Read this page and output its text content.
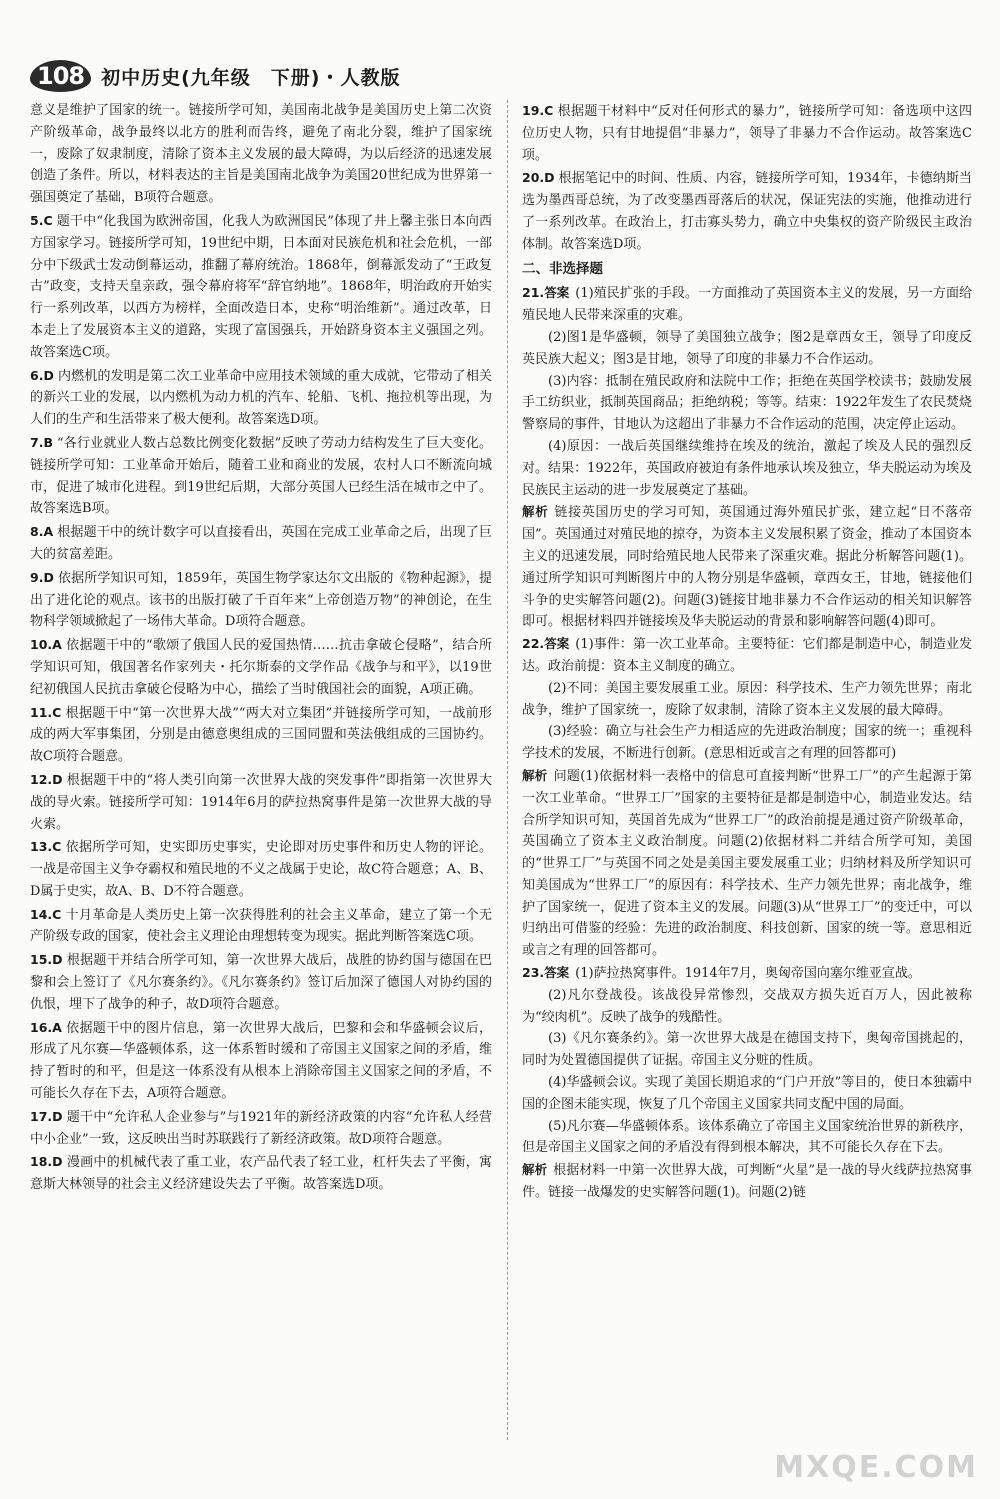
108 初中历史(九年级　下册)・人教版

意义是维护了国家的统一。链接所学可知，美国南北战争是美国历史上第二次资产阶级革命，战争最终以北方的胜利而告终，避免了南北分裂，维护了国家统一，废除了奴隶制度，清除了资本主义发展的最大障碍，为以后经济的迅速发展创造了条件。所以，材料表达的主旨是美国南北战争为美国20世纪成为世界第一强国奠定了基础，B项符合题意。

5.C 题干中“化我国为欧洲帝国，化我人为欧洲国民”体现了井上馨主张日本向西方国家学习。链接所学可知，19世纪中期，日本面对民族危机和社会危机，一部分中下级武士发动倒幕运动，推翻了幕府统治。1868年，倒幕派发动了“王政复古”政变，支持天皇亲政，强令幕府将军“辞官纳地”。1868年，明治政府开始实行一系列改革，以西方为榜样，全面改造日本，史称“明治维新”。通过改革，日本走上了发展资本主义的道路，实现了富国强兵，开始跻身资本主义强国之列。故答案选C项。

6.D 内燃机的发明是第二次工业革命中应用技术领域的重大成就，它带动了相关的新兴工业的发展，以内燃机为动力机的汽车、轮船、飞机、拖拉机等出现，为人们的生产和生活带来了极大便利。故答案选D项。

7.B “各行业就业人数占总数比例变化数据”反映了劳动力结构发生了巨大变化。链接所学可知：工业革命开始后，随着工业和商业的发展，农村人口不断流向城市，促进了城市化进程。到19世纪后期，大部分英国人已经生活在城市之中了。故答案选B项。

8.A 根据题干中的统计数字可以直接看出，英国在完成工业革命之后，出现了巨大的贫富差距。

9.D 依据所学知识可知，1859年，英国生物学家达尔文出版的《物种起源》，提出了进化论的观点。该书的出版打破了千百年来“上帝创造万物”的神创论，在生物科学领域掀起了一场伟大革命。D项符合题意。

10.A 依据题干中的“歌颂了俄国人民的爱国热情……抗击拿破仑侵略”，结合所学知识可知，俄国著名作家列夫・托尔斯泰的文学作品《战争与和平》，以19世纪初俄国人民抗击拿破仑侵略为中心，描绘了当时俄国社会的面貌，A项正确。

11.C 根据题干中“第一次世界大战”“两大对立集团”并链接所学可知，一战前形成的两大军事集团，分别是由德意奥组成的三国同盟和英法俄组成的三国协约。故C项符合题意。

12.D 根据题干中的“将人类引向第一次世界大战的突发事件”即指第一次世界大战的导火索。链接所学可知：1914年6月的萨拉热窝事件是第一次世界大战的导火索。

13.C 依据所学可知，史实即历史事实，史论即对历史事件和历史人物的评论。一战是帝国主义争夺霸权和殖民地的不义之战属于史论，故C符合题意；A、B、D属于史实，故A、B、D不符合题意。

14.C 十月革命是人类历史上第一次获得胜利的社会主义革命，建立了第一个无产阶级专政的国家，使社会主义理论由理想转变为现实。据此判断答案选C项。

15.D 根据题干并结合所学可知，第一次世界大战后，战胜的协约国与德国在巴黎和会上签订了《凡尔赛条约》。《凡尔赛条约》签订后加深了德国人对协约国的仇恨，埋下了战争的种子，故D项符合题意。

16.A 依据题干中的图片信息，第一次世界大战后，巴黎和会和华盛顿会议后，形成了凡尔赛—华盛顿体系，这一体系暂时缓和了帝国主义国家之间的矛盾，维持了暂时的和平，但是这一体系没有从根本上消除帝国主义国家之间的矛盾，不可能长久存在下去，A项符合题意。

17.D 题干中“允许私人企业参与”与1921年的新经济政策的内容“允许私人经营中小企业”一致，这反映出当时苏联践行了新经济政策。故D项符合题意。

18.D 漫画中的机械代表了重工业，农产品代表了轻工业，杠杆失去了平衡，寓意斯大林领导的社会主义经济建设失去了平衡。故答案选D项。

19.C 根据题干材料中“反对任何形式的暴力”，链接所学可知：备选项中这四位历史人物，只有甘地提倡“非暴力”，领导了非暴力不合作运动。故答案选C项。

20.D 根据笔记中的时间、性质、内容，链接所学可知，1934年，卡德纳斯当选为墨西哥总统，为了改变墨西哥落后的状况，保证宪法的实施，他推动进行了一系列改革。在政治上，打击寡头势力，确立中央集权的资产阶级民主政治体制。故答案选D项。

二、非选择题

21.答案 (1)殖民扩张的手段。一方面推动了英国资本主义的发展，另一方面给殖民地人民带来深重的灾难。

(2)图1是华盛顿，领导了美国独立战争；图2是章西女王，领导了印度反英民族大起义；图3是甘地，领导了印度的非暴力不合作运动。

(3)内容：抵制在殖民政府和法院中工作；拒绝在英国学校读书；鼓励发展手工纺织业，抵制英国商品；拒绝纳税；等等。结束：1922年发生了农民焚烧警察局的事件，甘地认为这超出了非暴力不合作运动的范围，决定停止运动。

(4)原因：一战后英国继续维持在埃及的统治，激起了埃及人民的强烈反对。结果：1922年，英国政府被迫有条件地承认埃及独立，华夫脱运动为埃及民族民主运动的进一步发展奠定了基础。

解析 链接英国历史的学习可知，英国通过海外殖民扩张，建立起“日不落帝国”。英国通过对殖民地的掠夺，为资本主义发展积累了资金，推动了本国资本主义的迅速发展，同时给殖民地人民带来了深重灾难。据此分析解答问题(1)。通过所学知识可判断图片中的人物分别是华盛顿，章西女王，甘地，链接他们斗争的史实解答问题(2)。问题(3)链接甘地非暴力不合作运动的相关知识解答即可。根据材料四并链接埃及华夫脱运动的背景和影响解答问题(4)即可。

22.答案 (1)事件：第一次工业革命。主要特征：它们都是制造中心，制造业发达。政治前提：资本主义制度的确立。

(2)不同：美国主要发展重工业。原因：科学技术、生产力领先世界；南北战争，维护了国家统一，废除了奴隶制，清除了资本主义发展的最大障碍。

(3)经验：确立与社会生产力相适应的先进政治制度；国家的统一；重视科学技术的发展，不断进行创新。(意思相近或言之有理的回答都可)

解析 问题(1)依据材料一表格中的信息可直接判断“世界工厂”的产生起源于第一次工业革命。“世界工厂”国家的主要特征是都是制造中心，制造业发达。结合所学知识可知，英国首先成为“世界工厂”的政治前提是通过资产阶级革命，英国确立了资本主义政治制度。问题(2)依据材料二并结合所学可知，美国的“世界工厂”与英国不同之处是美国主要发展重工业；归纳材料及所学知识可知美国成为“世界工厂”的原因有：科学技术、生产力领先世界；南北战争，维护了国家统一，促进了资本主义的发展。问题(3)从“世界工厂”的变迁中，可以归纳出可借鉴的经验：先进的政治制度、科技创新、国家的统一等。意思相近或言之有理的回答都可。

23.答案 (1)萨拉热窝事件。1914年7月，奥匈帝国向塞尔维亚宣战。

(2)凡尔登战役。该战役异常惨烈，交战双方损失近百万人，因此被称为“绞肉机”。反映了战争的残酷性。

(3)《凡尔赛条约》。第一次世界大战是在德国支持下，奥匈帝国挑起的，同时为处置德国提供了证据。帝国主义分赃的性质。

(4)华盛顿会议。实现了美国长期追求的“门户开放”等目的，使日本独霸中国的企图未能实现，恢复了几个帝国主义国家共同支配中国的局面。

(5)凡尔赛—华盛顿体系。该体系确立了帝国主义国家统治世界的新秩序，但是帝国主义国家之间的矛盾没有得到根本解决，其不可能长久存在下去。

解析 根据材料一中第一次世界大战，可判断“火星”是一战的导火线萨拉热窝事件。链接一战爆发的史实解答问题(1)。问题(2)链

MXQE.COM
